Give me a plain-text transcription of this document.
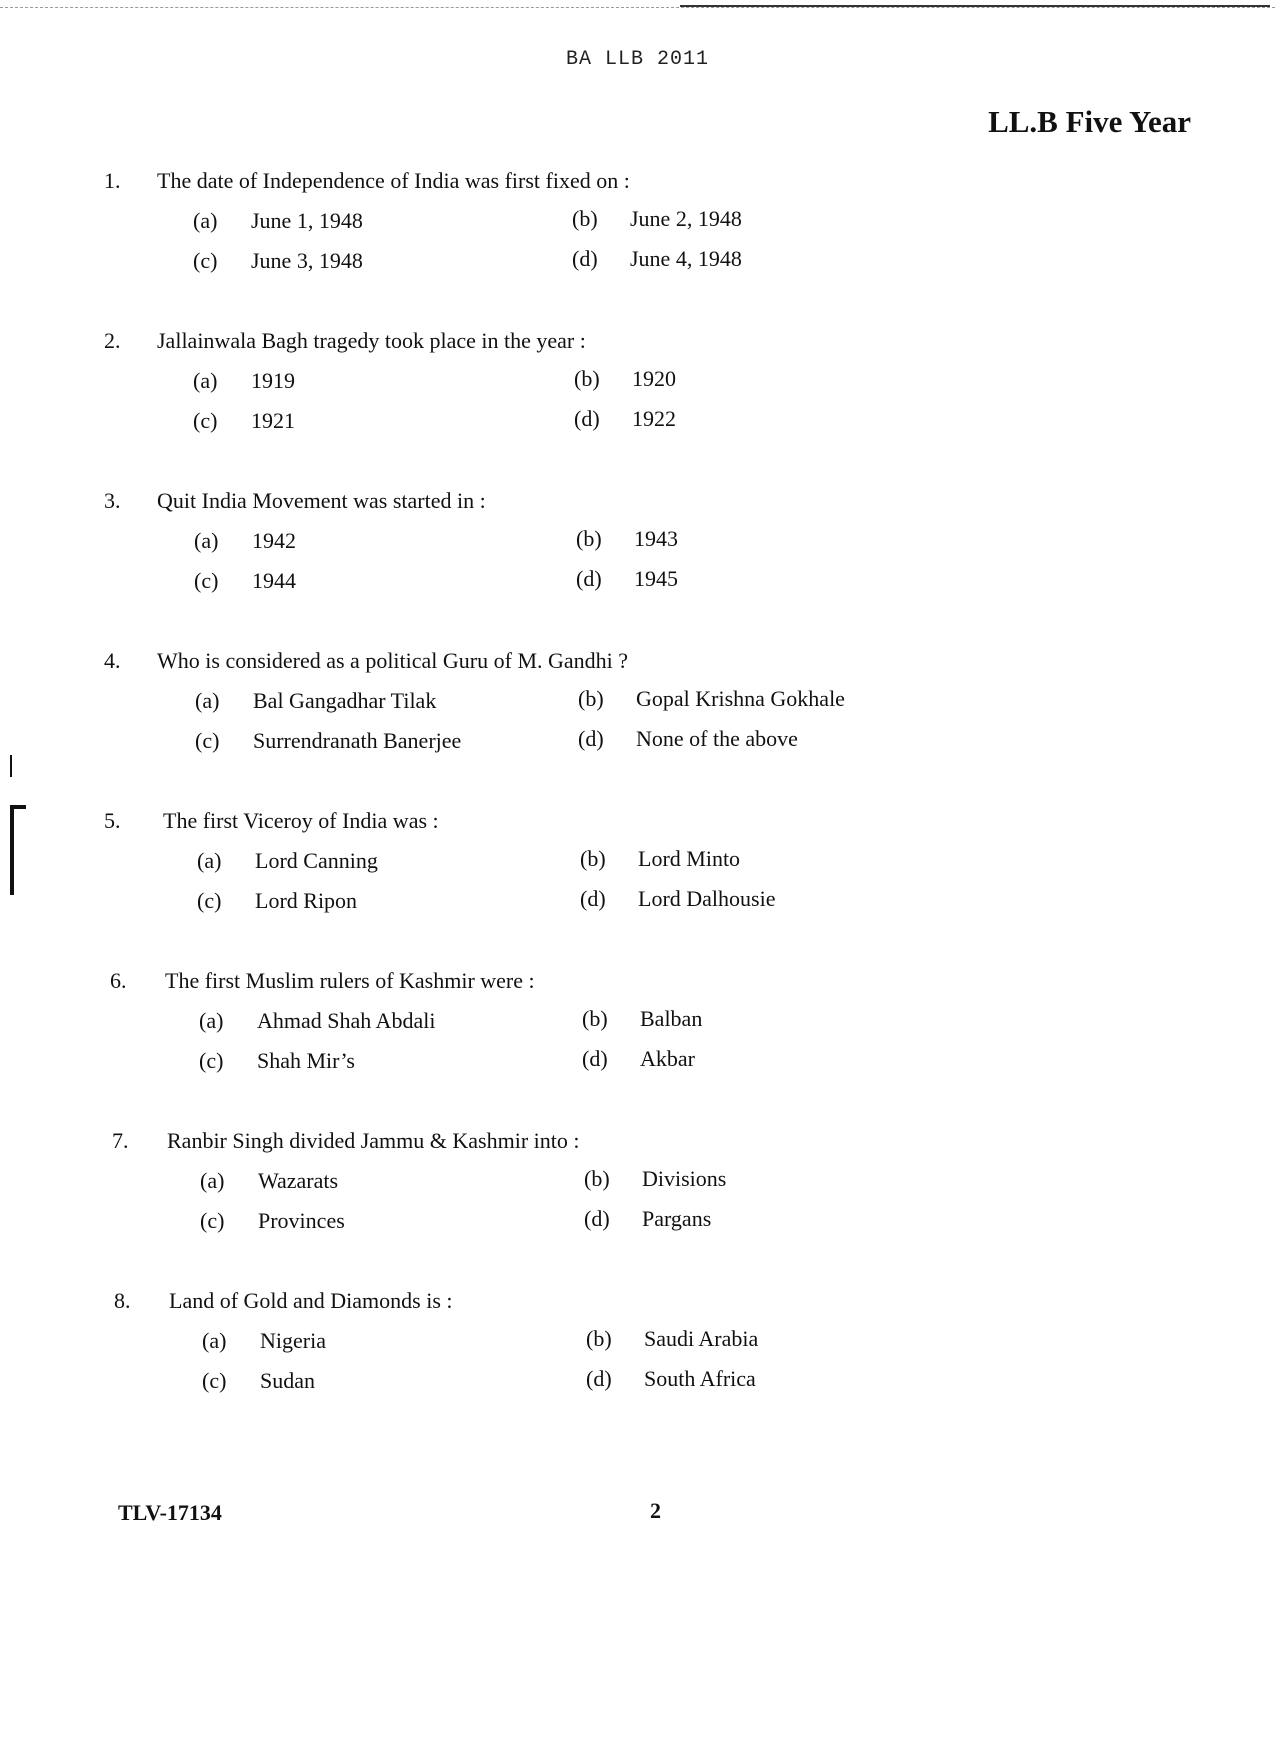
BA LLB 2011
LL.B Five Year
1. The date of Independence of India was first fixed on :
(a) June 1, 1948	(b) June 2, 1948
(c) June 3, 1948	(d) June 4, 1948
2. Jallainwala Bagh tragedy took place in the year :
(a) 1919	(b) 1920
(c) 1921	(d) 1922
3. Quit India Movement was started in :
(a) 1942	(b) 1943
(c) 1944	(d) 1945
4. Who is considered as a political Guru of M. Gandhi ?
(a) Bal Gangadhar Tilak	(b) Gopal Krishna Gokhale
(c) Surrendranath Banerjee	(d) None of the above
5. The first Viceroy of India was :
(a) Lord Canning	(b) Lord Minto
(c) Lord Ripon	(d) Lord Dalhousie
6. The first Muslim rulers of Kashmir were :
(a) Ahmad Shah Abdali	(b) Balban
(c) Shah Mir’s	(d) Akbar
7. Ranbir Singh divided Jammu & Kashmir into :
(a) Wazarats	(b) Divisions
(c) Provinces	(d) Pargans
8. Land of Gold and Diamonds is :
(a) Nigeria	(b) Saudi Arabia
(c) Sudan	(d) South Africa
TLV-17134	2
